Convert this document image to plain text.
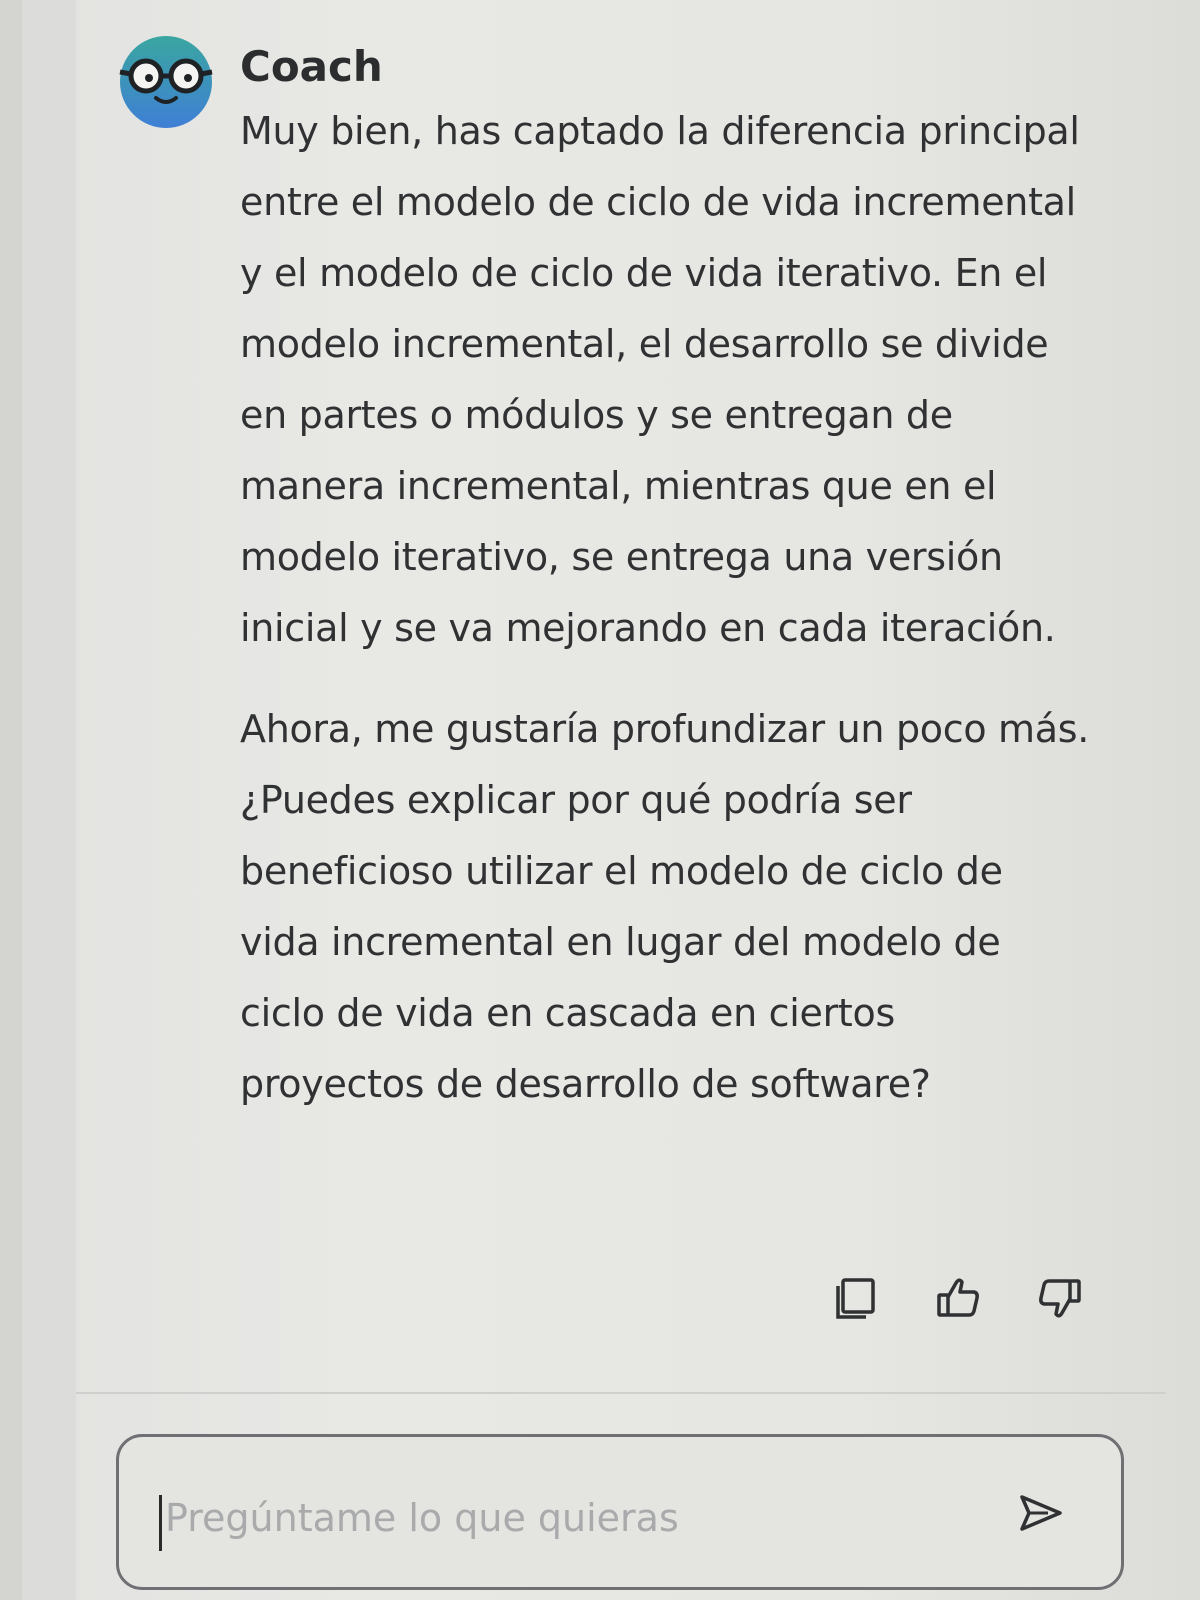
Coach

Muy bien, has captado la diferencia principal entre el modelo de ciclo de vida incremental y el modelo de ciclo de vida iterativo. En el modelo incremental, el desarrollo se divide en partes o módulos y se entregan de manera incremental, mientras que en el modelo iterativo, se entrega una versión inicial y se va mejorando en cada iteración.

Ahora, me gustaría profundizar un poco más. ¿Puedes explicar por qué podría ser beneficioso utilizar el modelo de ciclo de vida incremental en lugar del modelo de ciclo de vida en cascada en ciertos proyectos de desarrollo de software?

Pregúntame lo que quieras
